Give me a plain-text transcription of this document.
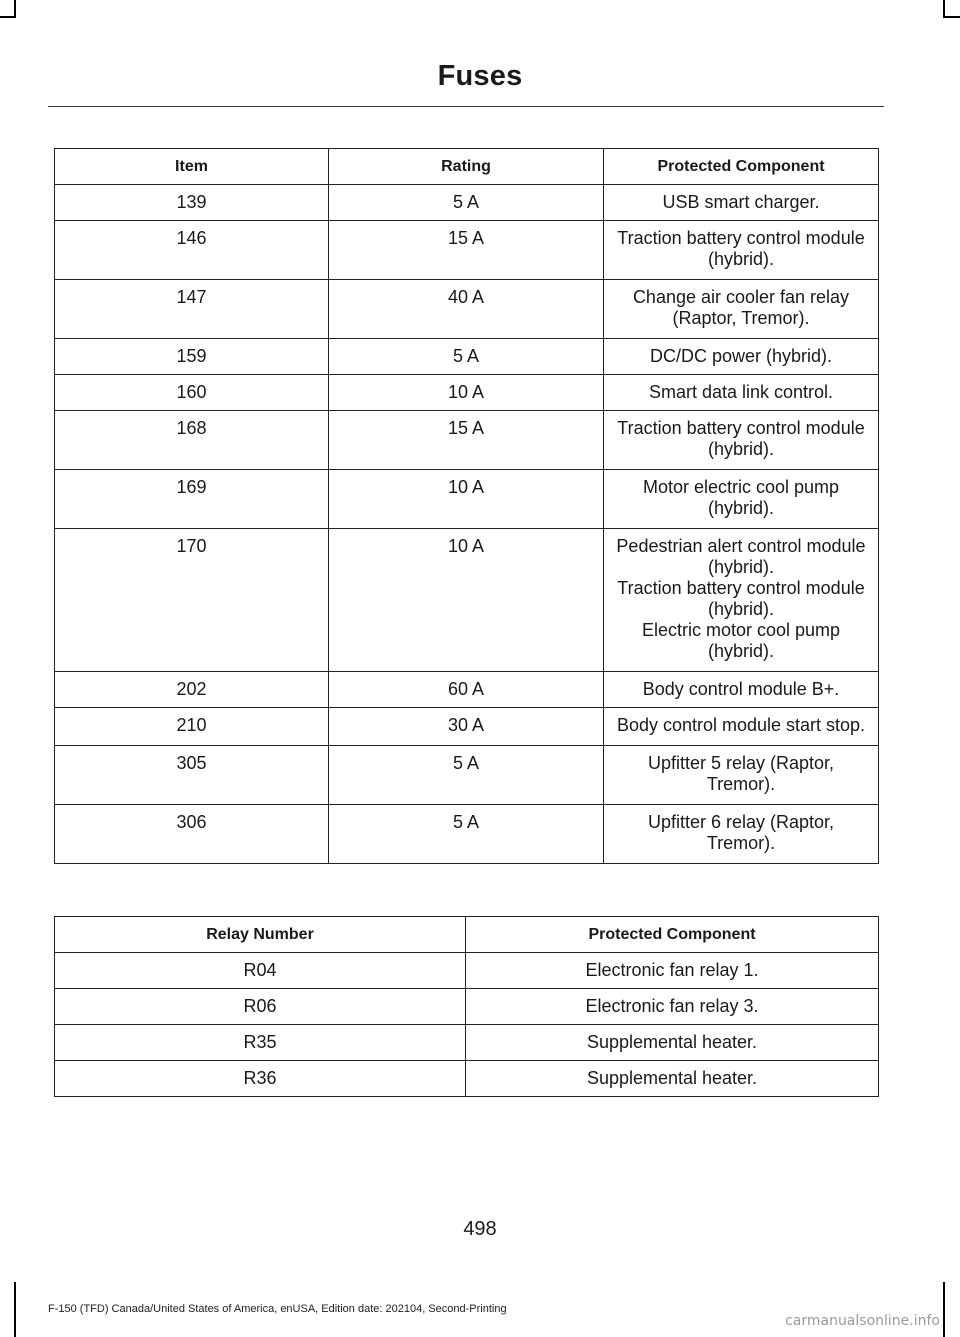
Fuses
Item	Rating	Protected Component
139	5 A	USB smart charger.

146	15 A	Traction battery control module (hybrid).

147	40 A	Change air cooler fan relay (Raptor, Tremor).

159	5 A	DC/DC power (hybrid).

160	10 A	Smart data link control.

168	15 A	Traction battery control module (hybrid).

169	10 A	Motor electric cool pump (hybrid).

170	10 A	Pedestrian alert control module (hybrid).
Traction battery control module (hybrid).
Electric motor cool pump (hybrid).

202	60 A	Body control module B+.

210	30 A	Body control module start stop.

305	5 A	Upfitter 5 relay (Raptor, Tremor).

306	5 A	Upfitter 6 relay (Raptor, Tremor).
Relay Number	Protected Component
R04	Electronic fan relay 1.
R06	Electronic fan relay 3.
R35	Supplemental heater.
R36	Supplemental heater.
498
F-150 (TFD) Canada/United States of America, enUSA, Edition date: 202104, Second-Printing
carmanualsonline.info
